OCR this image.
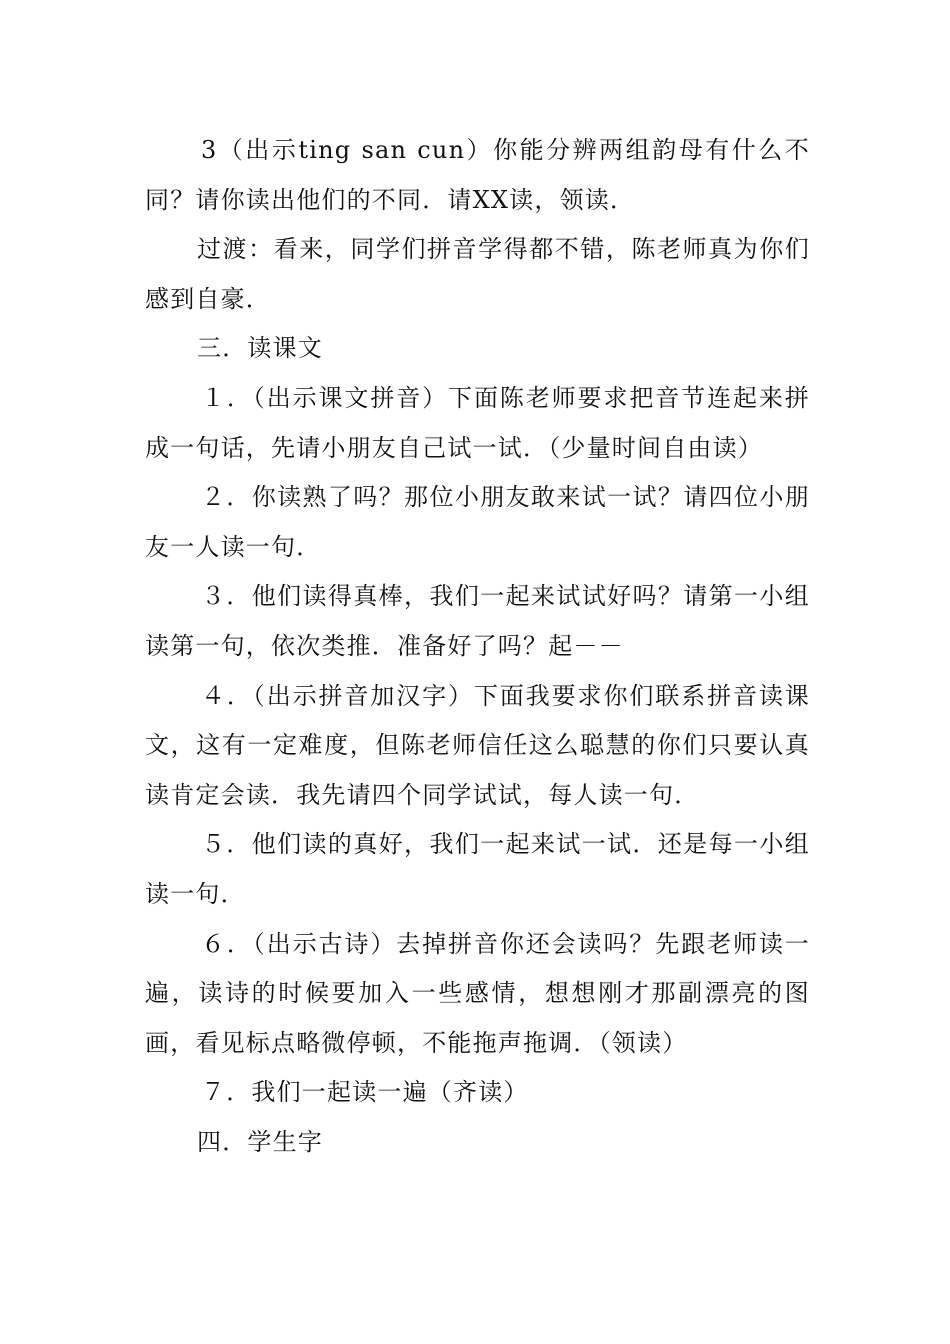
3（出示ting san cun）你能分辨两组韵母有什么不同？请你读出他们的不同．请XX读，领读．

过渡：看来，同学们拼音学得都不错，陈老师真为你们感到自豪．

三．读课文

１．（出示课文拼音）下面陈老师要求把音节连起来拼成一句话，先请小朋友自己试一试．（少量时间自由读）

２．你读熟了吗？那位小朋友敢来试一试？请四位小朋友一人读一句．

３．他们读得真棒，我们一起来试试好吗？请第一小组读第一句，依次类推．准备好了吗？起－－

４．（出示拼音加汉字）下面我要求你们联系拼音读课文，这有一定难度，但陈老师信任这么聪慧的你们只要认真读肯定会读．我先请四个同学试试，每人读一句．

５．他们读的真好，我们一起来试一试．还是每一小组读一句．

６．（出示古诗）去掉拼音你还会读吗？先跟老师读一遍，读诗的时候要加入一些感情，想想刚才那副漂亮的图画，看见标点略微停顿，不能拖声拖调．（领读）

７．我们一起读一遍（齐读）

四．学生字
